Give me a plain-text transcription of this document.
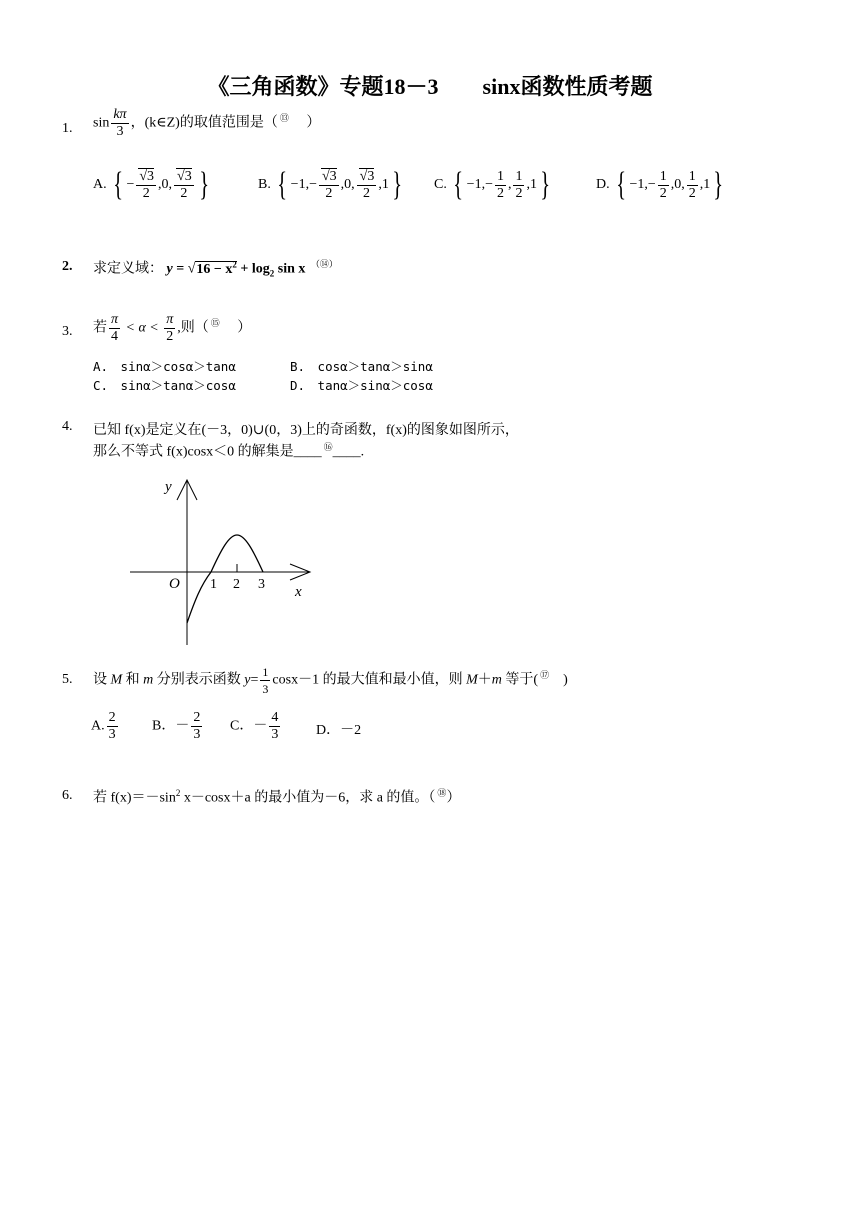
《三角函数》专题18－3　　sinx函数性质考题
1. $\sin \frac{k\pi}{3}$ ，(k∈Z)的取值范围是（ ⑬ ）
A. { − $\frac{√3}{2} ,0$, $\frac{√3}{2}$ }	B. { $-1,- \frac{√3}{2} ,0$, $\frac{√3}{2} ,1$} C. { $-1,- \frac{1}{2}$ , $\frac{1}{2} ,1$}	D. { $-1,- \frac{1}{2} ,0$, $\frac{1}{2} ,1$}
2. 求定义域： $y = √16 - x^2 + \log_2 \sin x$ （⑭）
3. 若 $\frac{\pi}{4} < \alpha < \frac{\pi}{2}$ ,则（ ⑮ ）
A.　sinα＞cosα＞tanα	B.　cosα＞tanα＞sinα
C.　sinα＞tanα＞cosα	D.　tanα＞sinα＞cosα
4. 已知 f(x)是定义在(－3，0)∪(0，3)上的奇函数，f(x)的图象如图所示，
那么不等式 f(x)cosx＜0 的解集是____ ⑯____.
y
O 1 2 3 x
5. 设 M 和 m 分别表示函数 $y= \frac{1}{3} \cos x-1$ 的最大值和最小值，则 M＋m 等于( ⑰ )
A. $\frac{2}{3}$ B．－ $\frac{2}{3}$ C．－ $\frac{4}{3}$	D．－2
6. 若 $f(x)=-\sin^2$ x－cosx＋a 的最小值为－6，求 a 的值。（ ⑱）
